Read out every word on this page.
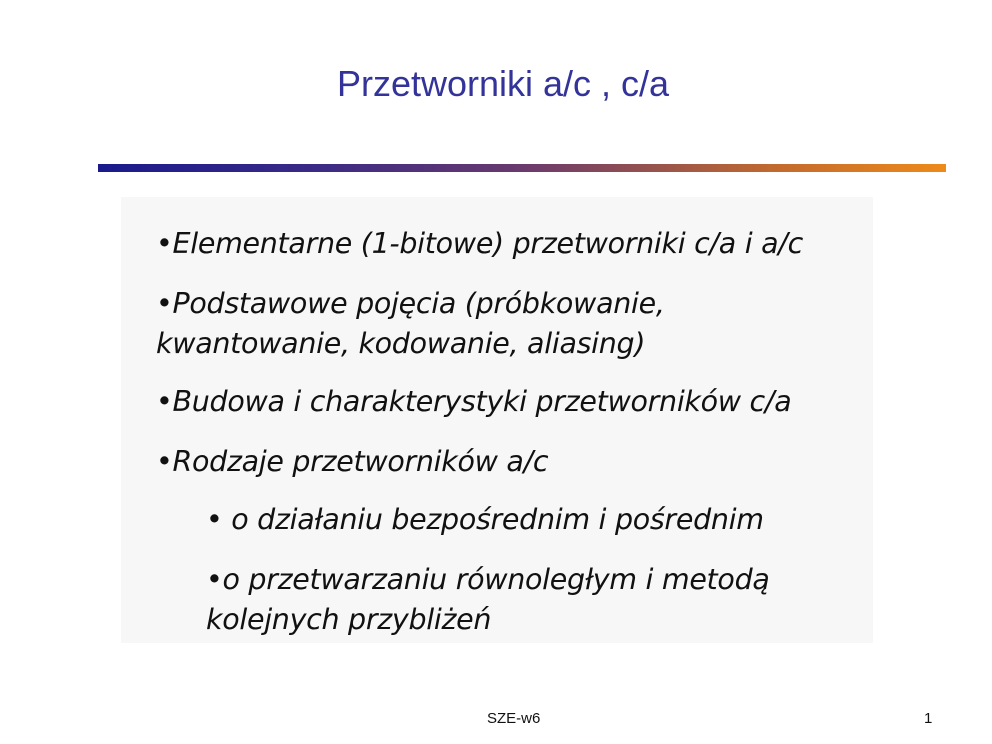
Przetworniki a/c , c/a
•Elementarne (1-bitowe) przetworniki c/a i a/c
•Podstawowe pojęcia (próbkowanie,
kwantowanie, kodowanie, aliasing)
•Budowa i charakterystyki przetworników c/a
•Rodzaje przetworników a/c
• o działaniu bezpośrednim i pośrednim
•o przetwarzaniu równoległym i metodą
kolejnych przybliżeń
SZE-w6	1
